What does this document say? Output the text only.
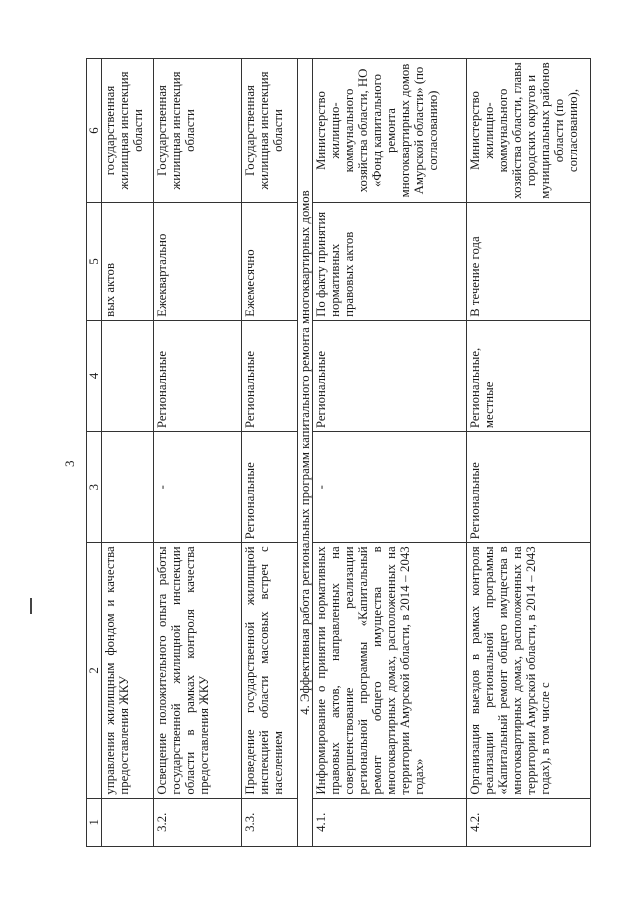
3
1	2	3	4	5	6
	управления жилищным фондом и качества предоставления ЖКУ			вых актов	государственная жилищная инспекция области
3.2.	Освещение положительного опыта работы государственной жилищной инспекции области в рамках контроля качества предоставления ЖКУ	-	Региональные	Ежеквартально	Государственная жилищная инспекция области
3.3.	Проведение государственной жилищной инспекцией области массовых встреч с населением	Региональные	Региональные	Ежемесячно	Государственная жилищная инспекция области
4. Эффективная работа региональных программ капитального ремонта многоквартирных домов					
4.1.	Информирование о принятии нормативных правовых актов, направленных на совершенствование реализации региональной программы «Капитальный ремонт общего имущества в многоквартирных домах, расположенных на территории Амурской области, в 2014 – 2043 годах»	-	Региональные	По факту принятия нормативных правовых актов	Министерство жилищно-коммунального хозяйства области, НО «Фонд капитального ремонта многоквартирных домов Амурской области» (по согласованию)
4.2.	Организация выездов в рамках контроля реализации региональной программы «Капитальный ремонт общего имущества в многоквартирных домах, расположенных на территории Амурской области, в 2014 – 2043 годах), в том числе с	Региональные	Региональные, местные	В течение года	Министерство жилищно-коммунального хозяйства области, главы городских округов и муниципальных районов области (по согласованию),
